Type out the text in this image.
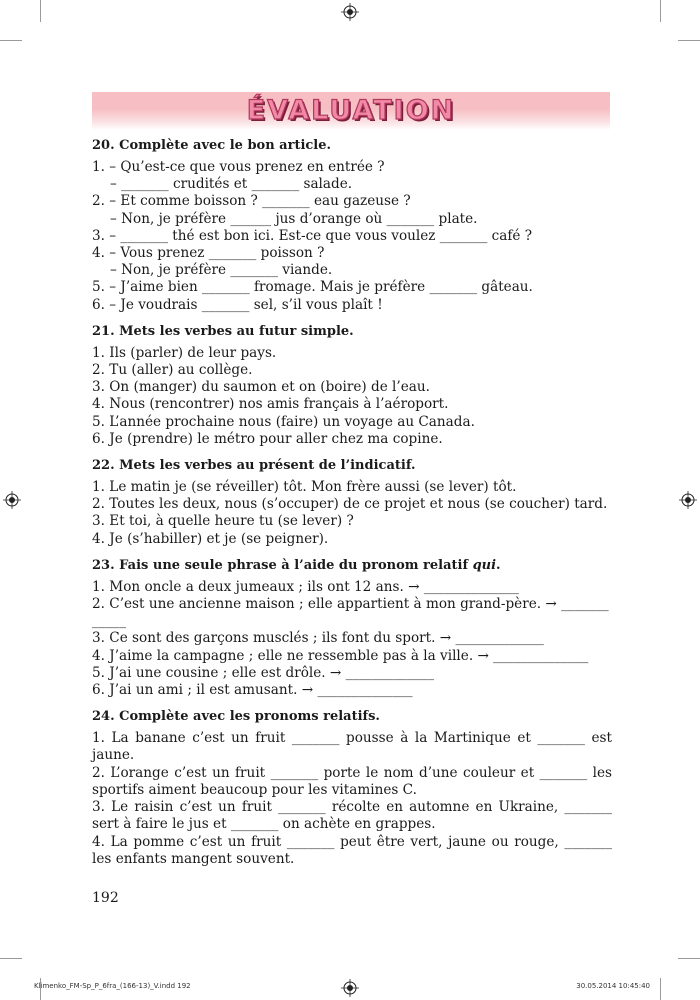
ÉVALUATION

20. Complète avec le bon article.

1. – Qu’est-ce que vous prenez en entrée ?
– _______ crudités et _______ salade.
2. – Et comme boisson ? _______ eau gazeuse ?
– Non, je préfère ______ jus d’orange où _______ plate.
3. – _______ thé est bon ici. Est-ce que vous voulez _______ café ?
4. – Vous prenez _______ poisson ?
– Non, je préfère _______ viande.
5. – J’aime bien _______ fromage. Mais je préfère _______ gâteau.
6. – Je voudrais _______ sel, s’il vous plaît !

21. Mets les verbes au futur simple.

1. Ils (parler) de leur pays.
2. Tu (aller) au collège.
3. On (manger) du saumon et on (boire) de l’eau.
4. Nous (rencontrer) nos amis français à l’aéroport.
5. L’année prochaine nous (faire) un voyage au Canada.
6. Je (prendre) le métro pour aller chez ma copine.

22. Mets les verbes au présent de l’indicatif.

1. Le matin je (se réveiller) tôt. Mon frère aussi (se lever) tôt.
2. Toutes les deux, nous (s’occuper) de ce projet et nous (se coucher) tard.
3. Et toi, à quelle heure tu (se lever) ?
4. Je (s’habiller) et je (se peigner).

23. Fais une seule phrase à l’aide du pronom relatif qui.

1. Mon oncle a deux jumeaux ; ils ont 12 ans. → ______________
2. C’est une ancienne maison ; elle appartient à mon grand-père. → _______
_____
3. Ce sont des garçons musclés ; ils font du sport. → _____________
4. J’aime la campagne ; elle ne ressemble pas à la ville. → ______________
5. J’ai une cousine ; elle est drôle. → _____________
6. J’ai un ami ; il est amusant. → ______________

24. Complète avec les pronoms relatifs.

1. La banane c’est un fruit _______ pousse à la Martinique et _______ est jaune.
2. L’orange c’est un fruit _______ porte le nom d’une couleur et _______ les sportifs aiment beaucoup pour les vitamines C.
3. Le raisin c’est un fruit _______ récolte en automne en Ukraine, _______ sert à faire le jus et _______ on achète en grappes.
4. La pomme c’est un fruit _______ peut être vert, jaune ou rouge, _______ les enfants mangent souvent.
192
Klimenko_FM-Sp_P_6fra_(166-13)_V.indd 192	30.05.2014 10:45:40
